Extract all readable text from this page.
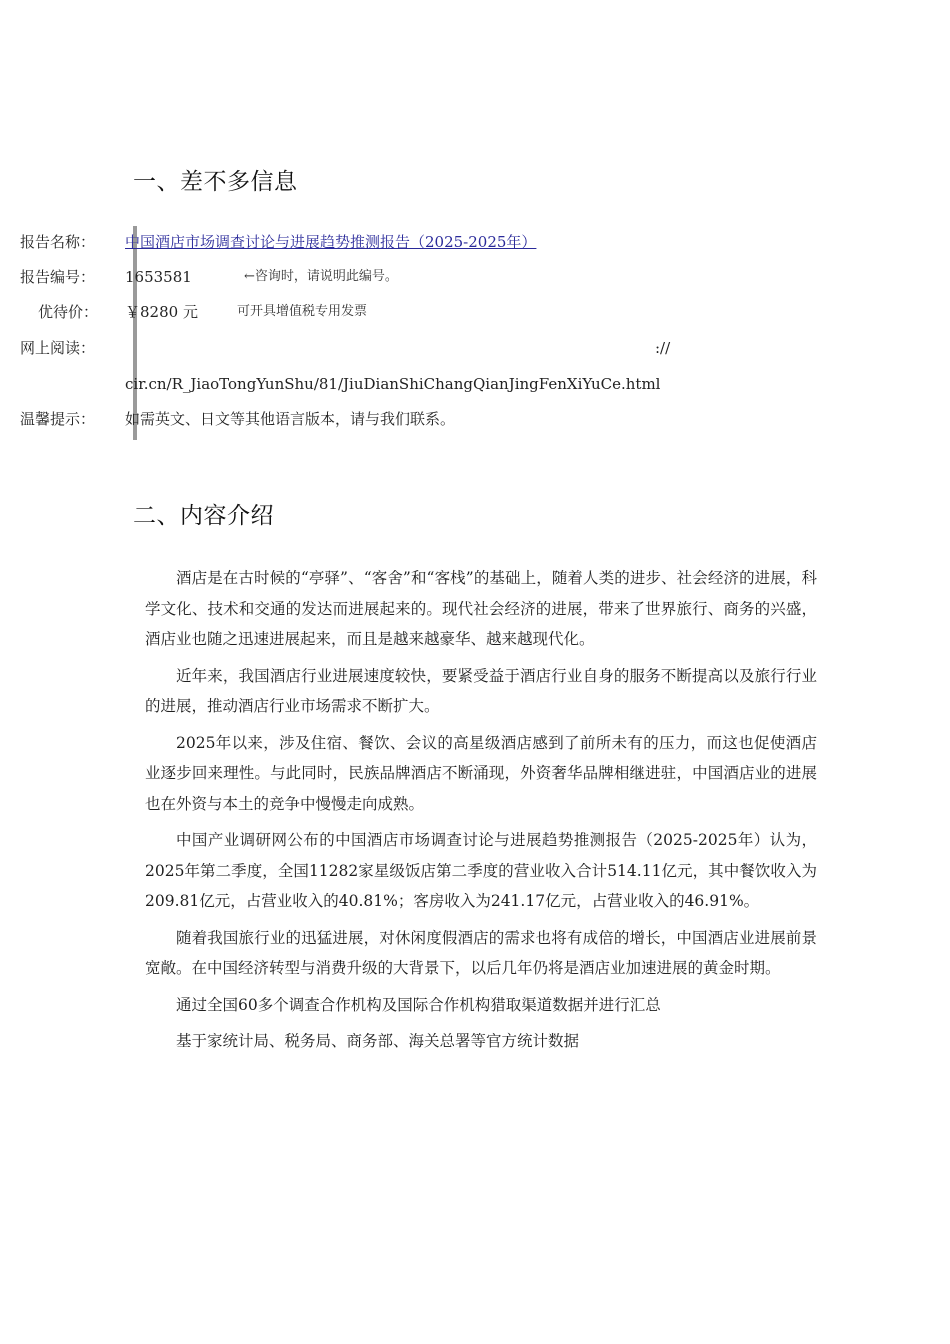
一、差不多信息
报告名称：	中国酒店市场调查讨论与进展趋势推测报告（2025-2025年）
报告编号：	1653581	←咨询时，请说明此编号。
优待价：	￥8280 元	可开具增值税专用发票
网上阅读：	://
cir.cn/R_JiaoTongYunShu/81/JiuDianShiChangQianJingFenXiYuCe.html
温馨提示：	如需英文、日文等其他语言版本，请与我们联系。
二、内容介绍

酒店是在古时候的“亭驿”、“客舍”和“客栈”的基础上，随着人类的进步、社会经济的进展，科学文化、技术和交通的发达而进展起来的。现代社会经济的进展，带来了世界旅行、商务的兴盛，酒店业也随之迅速进展起来，而且是越来越豪华、越来越现代化。

近年来，我国酒店行业进展速度较快，要紧受益于酒店行业自身的服务不断提高以及旅行行业的进展，推动酒店行业市场需求不断扩大。

2025年以来，涉及住宿、餐饮、会议的高星级酒店感到了前所未有的压力，而这也促使酒店业逐步回来理性。与此同时，民族品牌酒店不断涌现，外资奢华品牌相继进驻，中国酒店业的进展也在外资与本土的竞争中慢慢走向成熟。

中国产业调研网公布的中国酒店市场调查讨论与进展趋势推测报告（2025-2025年）认为，2025年第二季度，全国11282家星级饭店第二季度的营业收入合计514.11亿元，其中餐饮收入为209.81亿元，占营业收入的40.81%；客房收入为241.17亿元，占营业收入的46.91%。

随着我国旅行业的迅猛进展，对休闲度假酒店的需求也将有成倍的增长，中国酒店业进展前景宽敞。在中国经济转型与消费升级的大背景下，以后几年仍将是酒店业加速进展的黄金时期。

通过全国60多个调查合作机构及国际合作机构猎取渠道数据并进行汇总

基于家统计局、税务局、商务部、海关总署等官方统计数据
